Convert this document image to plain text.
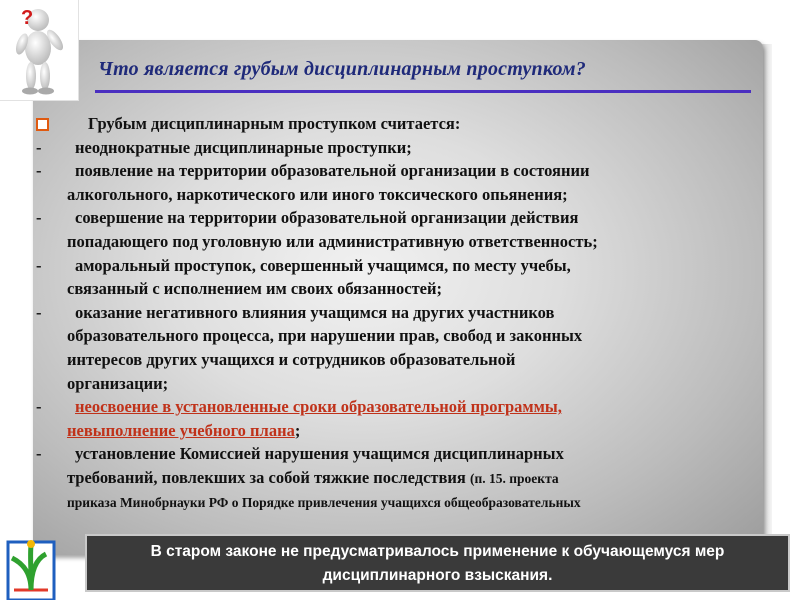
?
Что является грубым дисциплинарным проступком?
Грубым дисциплинарным проступком считается:
- неоднократные дисциплинарные проступки;
- появление на территории образовательной организации в состоянии
алкогольного, наркотического или иного токсического опьянения;
- совершение на территории образовательной организации действия
попадающего под уголовную или административную ответственность;
- аморальный проступок, совершенный учащимся, по месту учебы,
связанный с исполнением им своих обязанностей;
- оказание негативного влияния учащимся на других участников
образовательного процесса, при нарушении прав, свобод и законных
интересов других учащихся и сотрудников образовательной
организации;
- неосвоение в установленные сроки образовательной программы,
невыполнение учебного плана;
- установление Комиссией нарушения учащимся дисциплинарных
требований, повлекших за собой тяжкие последствия (п. 15. проекта
приказа Минобрнауки РФ о Порядке привлечения учащихся общеобразовательных
В старом законе не предусматривалось применение к обучающемуся мер
дисциплинарного взыскания.
